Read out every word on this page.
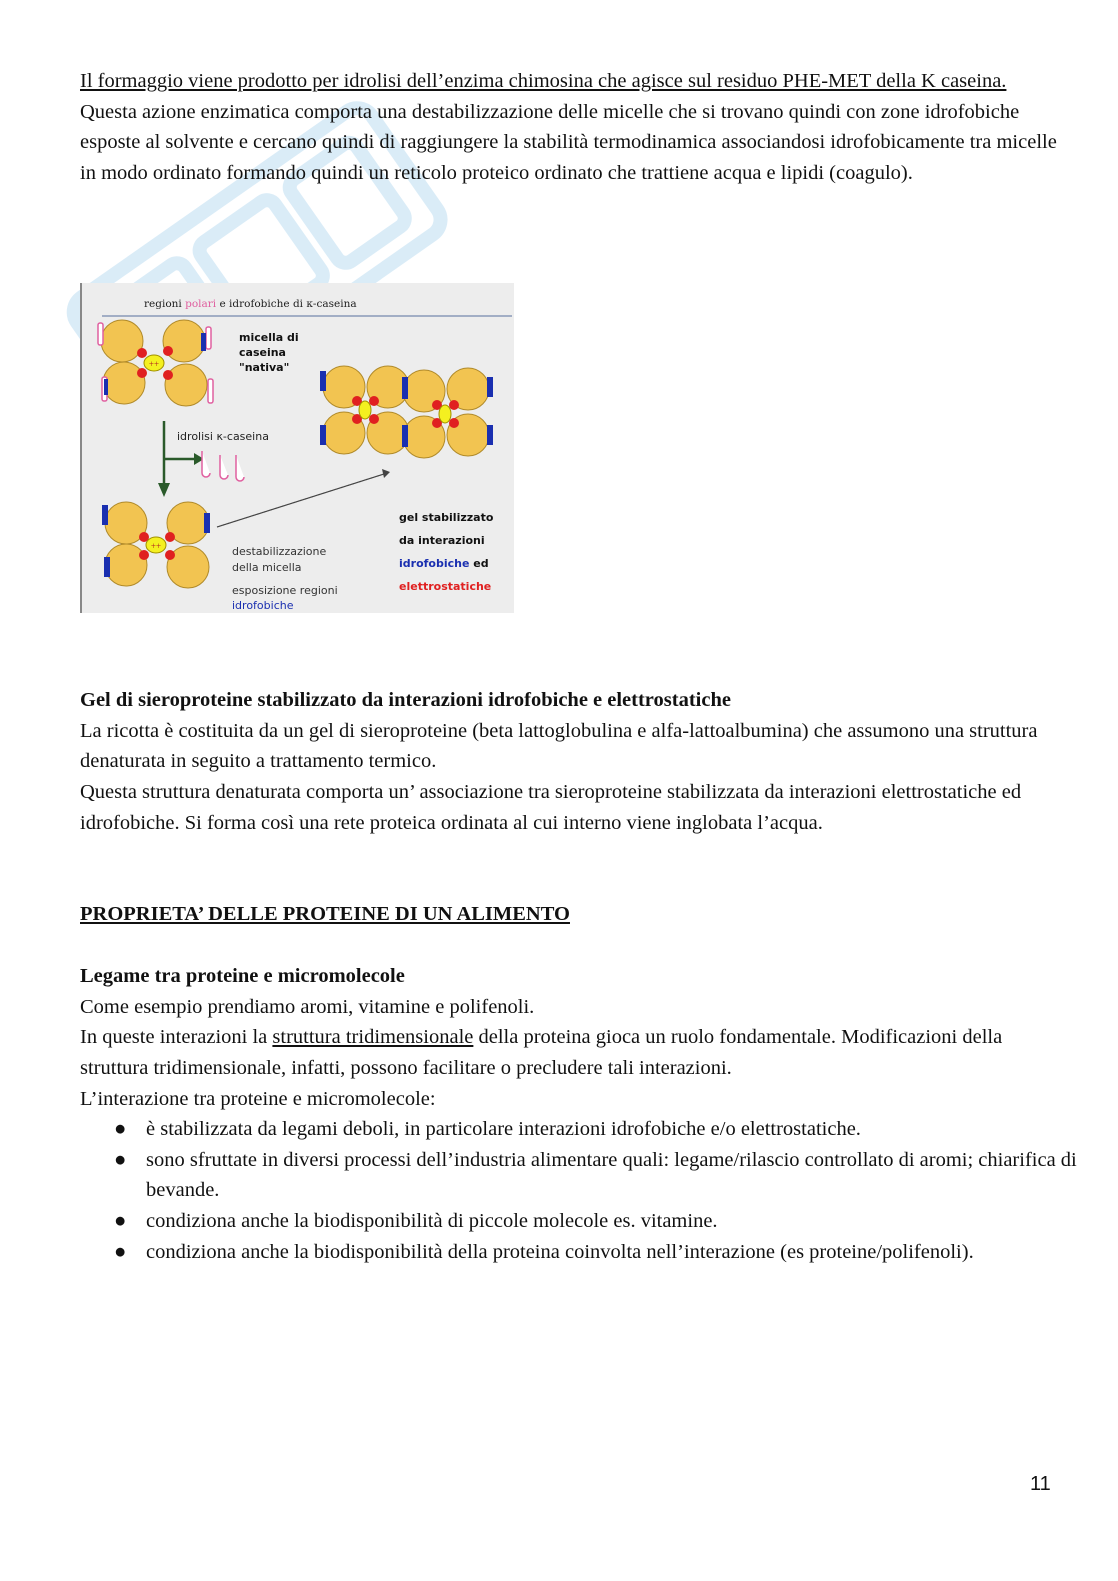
Il formaggio viene prodotto per idrolisi dell’enzima chimosina che agisce sul residuo PHE-MET della K caseina.
Questa azione enzimatica comporta una destabilizzazione delle micelle che si trovano quindi con zone idrofobiche esposte al solvente e cercano quindi di raggiungere la stabilità termodinamica associandosi idrofobicamente tra micelle in modo ordinato formando quindi un reticolo proteico ordinato che trattiene acqua e lipidi (coagulo).

regioni polari e idrofobiche di κ-caseina
++
micella di
caseina
"nativa"
idrolisi κ-caseina
++	destabilizzazione
della micella
esposizione regioni
idrofobiche
gel stabilizzato
da interazioni
idrofobiche ed
elettrostatiche

Gel di sieroproteine stabilizzato da interazioni idrofobiche e elettrostatiche
La ricotta è costituita da un gel di sieroproteine (beta lattoglobulina e alfa-lattoalbumina) che assumono una struttura denaturata in seguito a trattamento termico.
Questa struttura denaturata comporta un’ associazione tra sieroproteine stabilizzata da interazioni elettrostatiche ed idrofobiche. Si forma così una rete proteica ordinata al cui interno viene inglobata l’acqua.

PROPRIETA’ DELLE PROTEINE DI UN ALIMENTO

Legame tra proteine e micromolecole
Come esempio prendiamo aromi, vitamine e polifenoli.
In queste interazioni la struttura tridimensionale della proteina gioca un ruolo fondamentale. Modificazioni della struttura tridimensionale, infatti, possono facilitare o precludere tali interazioni.
L’interazione tra proteine e micromolecole:

● è stabilizzata da legami deboli, in particolare interazioni idrofobiche e/o elettrostatiche.
● sono sfruttate in diversi processi dell’industria alimentare quali: legame/rilascio controllato di aromi; chiarifica di bevande.
● condiziona anche la biodisponibilità di piccole molecole es. vitamine.
● condiziona anche la biodisponibilità della proteina coinvolta nell’interazione (es proteine/polifenoli).
11
